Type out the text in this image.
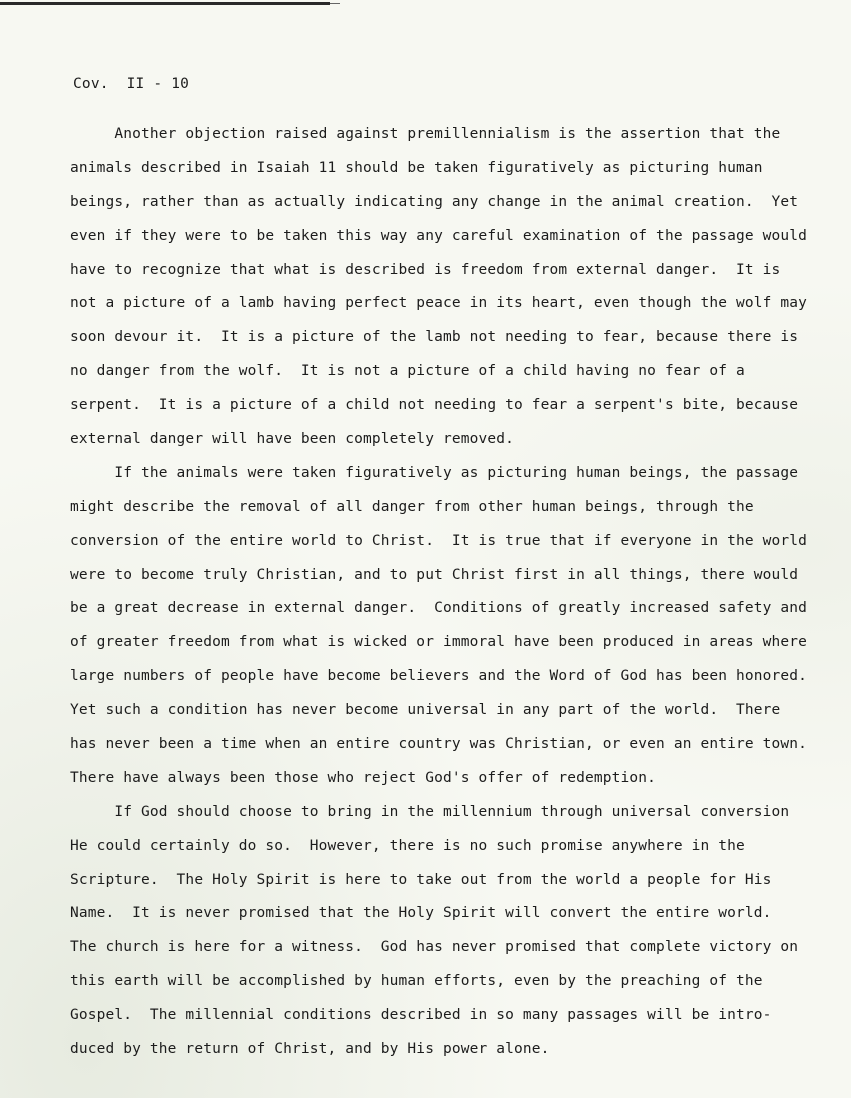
Cov.  II - 10
Another objection raised against premillennialism is the assertion that the
animals described in Isaiah 11 should be taken figuratively as picturing human
beings, rather than as actually indicating any change in the animal creation.  Yet
even if they were to be taken this way any careful examination of the passage would
have to recognize that what is described is freedom from external danger.  It is
not a picture of a lamb having perfect peace in its heart, even though the wolf may
soon devour it.  It is a picture of the lamb not needing to fear, because there is
no danger from the wolf.  It is not a picture of a child having no fear of a
serpent.  It is a picture of a child not needing to fear a serpent's bite, because
external danger will have been completely removed.
If the animals were taken figuratively as picturing human beings, the passage
might describe the removal of all danger from other human beings, through the
conversion of the entire world to Christ.  It is true that if everyone in the world
were to become truly Christian, and to put Christ first in all things, there would
be a great decrease in external danger.  Conditions of greatly increased safety and
of greater freedom from what is wicked or immoral have been produced in areas where
large numbers of people have become believers and the Word of God has been honored.
Yet such a condition has never become universal in any part of the world.  There
has never been a time when an entire country was Christian, or even an entire town.
There have always been those who reject God's offer of redemption.
If God should choose to bring in the millennium through universal conversion
He could certainly do so.  However, there is no such promise anywhere in the
Scripture.  The Holy Spirit is here to take out from the world a people for His
Name.  It is never promised that the Holy Spirit will convert the entire world.
The church is here for a witness.  God has never promised that complete victory on
this earth will be accomplished by human efforts, even by the preaching of the
Gospel.  The millennial conditions described in so many passages will be intro-
duced by the return of Christ, and by His power alone.
